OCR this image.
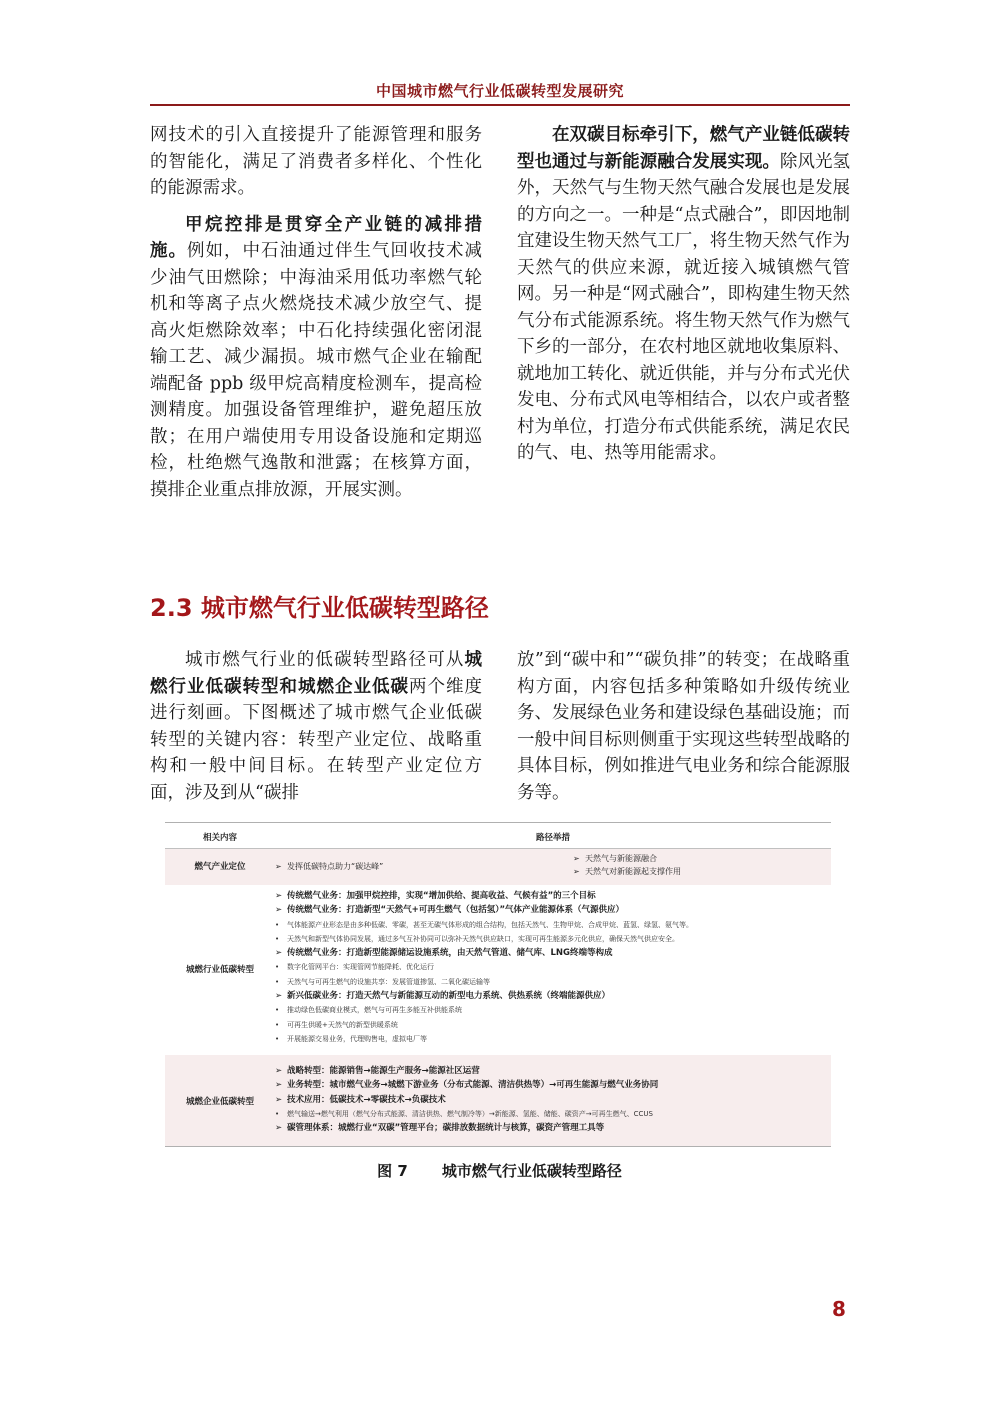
中国城市燃气行业低碳转型发展研究

网技术的引入直接提升了能源管理和服务的智能化，满足了消费者多样化、个性化的能源需求。

甲烷控排是贯穿全产业链的减排措施。例如，中石油通过伴生气回收技术减少油气田燃除；中海油采用低功率燃气轮机和等离子点火燃烧技术减少放空气、提高火炬燃除效率；中石化持续强化密闭混输工艺、减少漏损。城市燃气企业在输配端配备 ppb 级甲烷高精度检测车，提高检测精度。加强设备管理维护，避免超压放散；在用户端使用专用设备设施和定期巡检，杜绝燃气逸散和泄露；在核算方面，摸排企业重点排放源，开展实测。

在双碳目标牵引下，燃气产业链低碳转型也通过与新能源融合发展实现。除风光氢外，天然气与生物天然气融合发展也是发展的方向之一。一种是“点式融合”，即因地制宜建设生物天然气工厂，将生物天然气作为天然气的供应来源，就近接入城镇燃气管网。另一种是“网式融合”，即构建生物天然气分布式能源系统。将生物天然气作为燃气下乡的一部分，在农村地区就地收集原料、就地加工转化、就近供能，并与分布式光伏发电、分布式风电等相结合，以农户或者整村为单位，打造分布式供能系统，满足农民的气、电、热等用能需求。

2.3 城市燃气行业低碳转型路径

城市燃气行业的低碳转型路径可从城燃行业低碳转型和城燃企业低碳两个维度进行刻画。下图概述了城市燃气企业低碳转型的关键内容：转型产业定位、战略重构和一般中间目标。在转型产业定位方面，涉及到从“碳排

放”到“碳中和”“碳负排”的转变；在战略重构方面，内容包括多种策略如升级传统业务、发展绿色业务和建设绿色基础设施；而一般中间目标则侧重于实现这些转型战略的具体目标，例如推进气电业务和综合能源服务等。

相关内容	路径举措
燃气产业定位	➢ 发挥低碳特点助力“碳达峰”
➢ 天然气与新能源融合
➢ 天然气对新能源起支撑作用
城燃行业低碳转型
➢ 传统燃气业务：加强甲烷控排，实现“增加供给、提高收益、气候有益”的三个目标
➢ 传统燃气业务：打造新型“天然气+可再生燃气（包括氢）”气体产业能源体系（气源供应）
•	气体能源产业形态是由多种低碳、零碳，甚至无碳气体形成的组合结构，包括天然气、生物甲烷、合成甲烷、蓝氢、绿氢、氨气等。
•	天然气和新型气体协同发展，通过多气互补协同可以弥补天然气供应缺口，实现可再生能源多元化供应，确保天然气供应安全。
➢ 传统燃气业务：打造新型能源储运设施系统，由天然气管道、储气库、LNG终端等构成
•	数字化管网平台：实现管网节能降耗、优化运行
•	天然气与可再生燃气的设施共享：发展管道掺氢、二氧化碳运输等
➢ 新兴低碳业务：打造天然气与新能源互动的新型电力系统、供热系统（终端能源供应）
•	推动绿色低碳商业模式，燃气与可再生多能互补供能系统
•	可再生供暖+天然气的新型供暖系统
•	开展能源交易业务，代理购售电，虚拟电厂等
城燃企业低碳转型
➢ 战略转型：能源销售→能源生产服务→能源社区运营
➢ 业务转型：城市燃气业务→城燃下游业务（分布式能源、清洁供热等）→可再生能源与燃气业务协同
➢ 技术应用：低碳技术→零碳技术→负碳技术
•	燃气输送→燃气利用（燃气分布式能源、清洁供热、燃气制冷等）→新能源、氢能、储能、碳资产→可再生燃气、CCUS
➢ 碳管理体系：城燃行业“双碳”管理平台；碳排放数据统计与核算，碳资产管理工具等
图 7 城市燃气行业低碳转型路径
8
